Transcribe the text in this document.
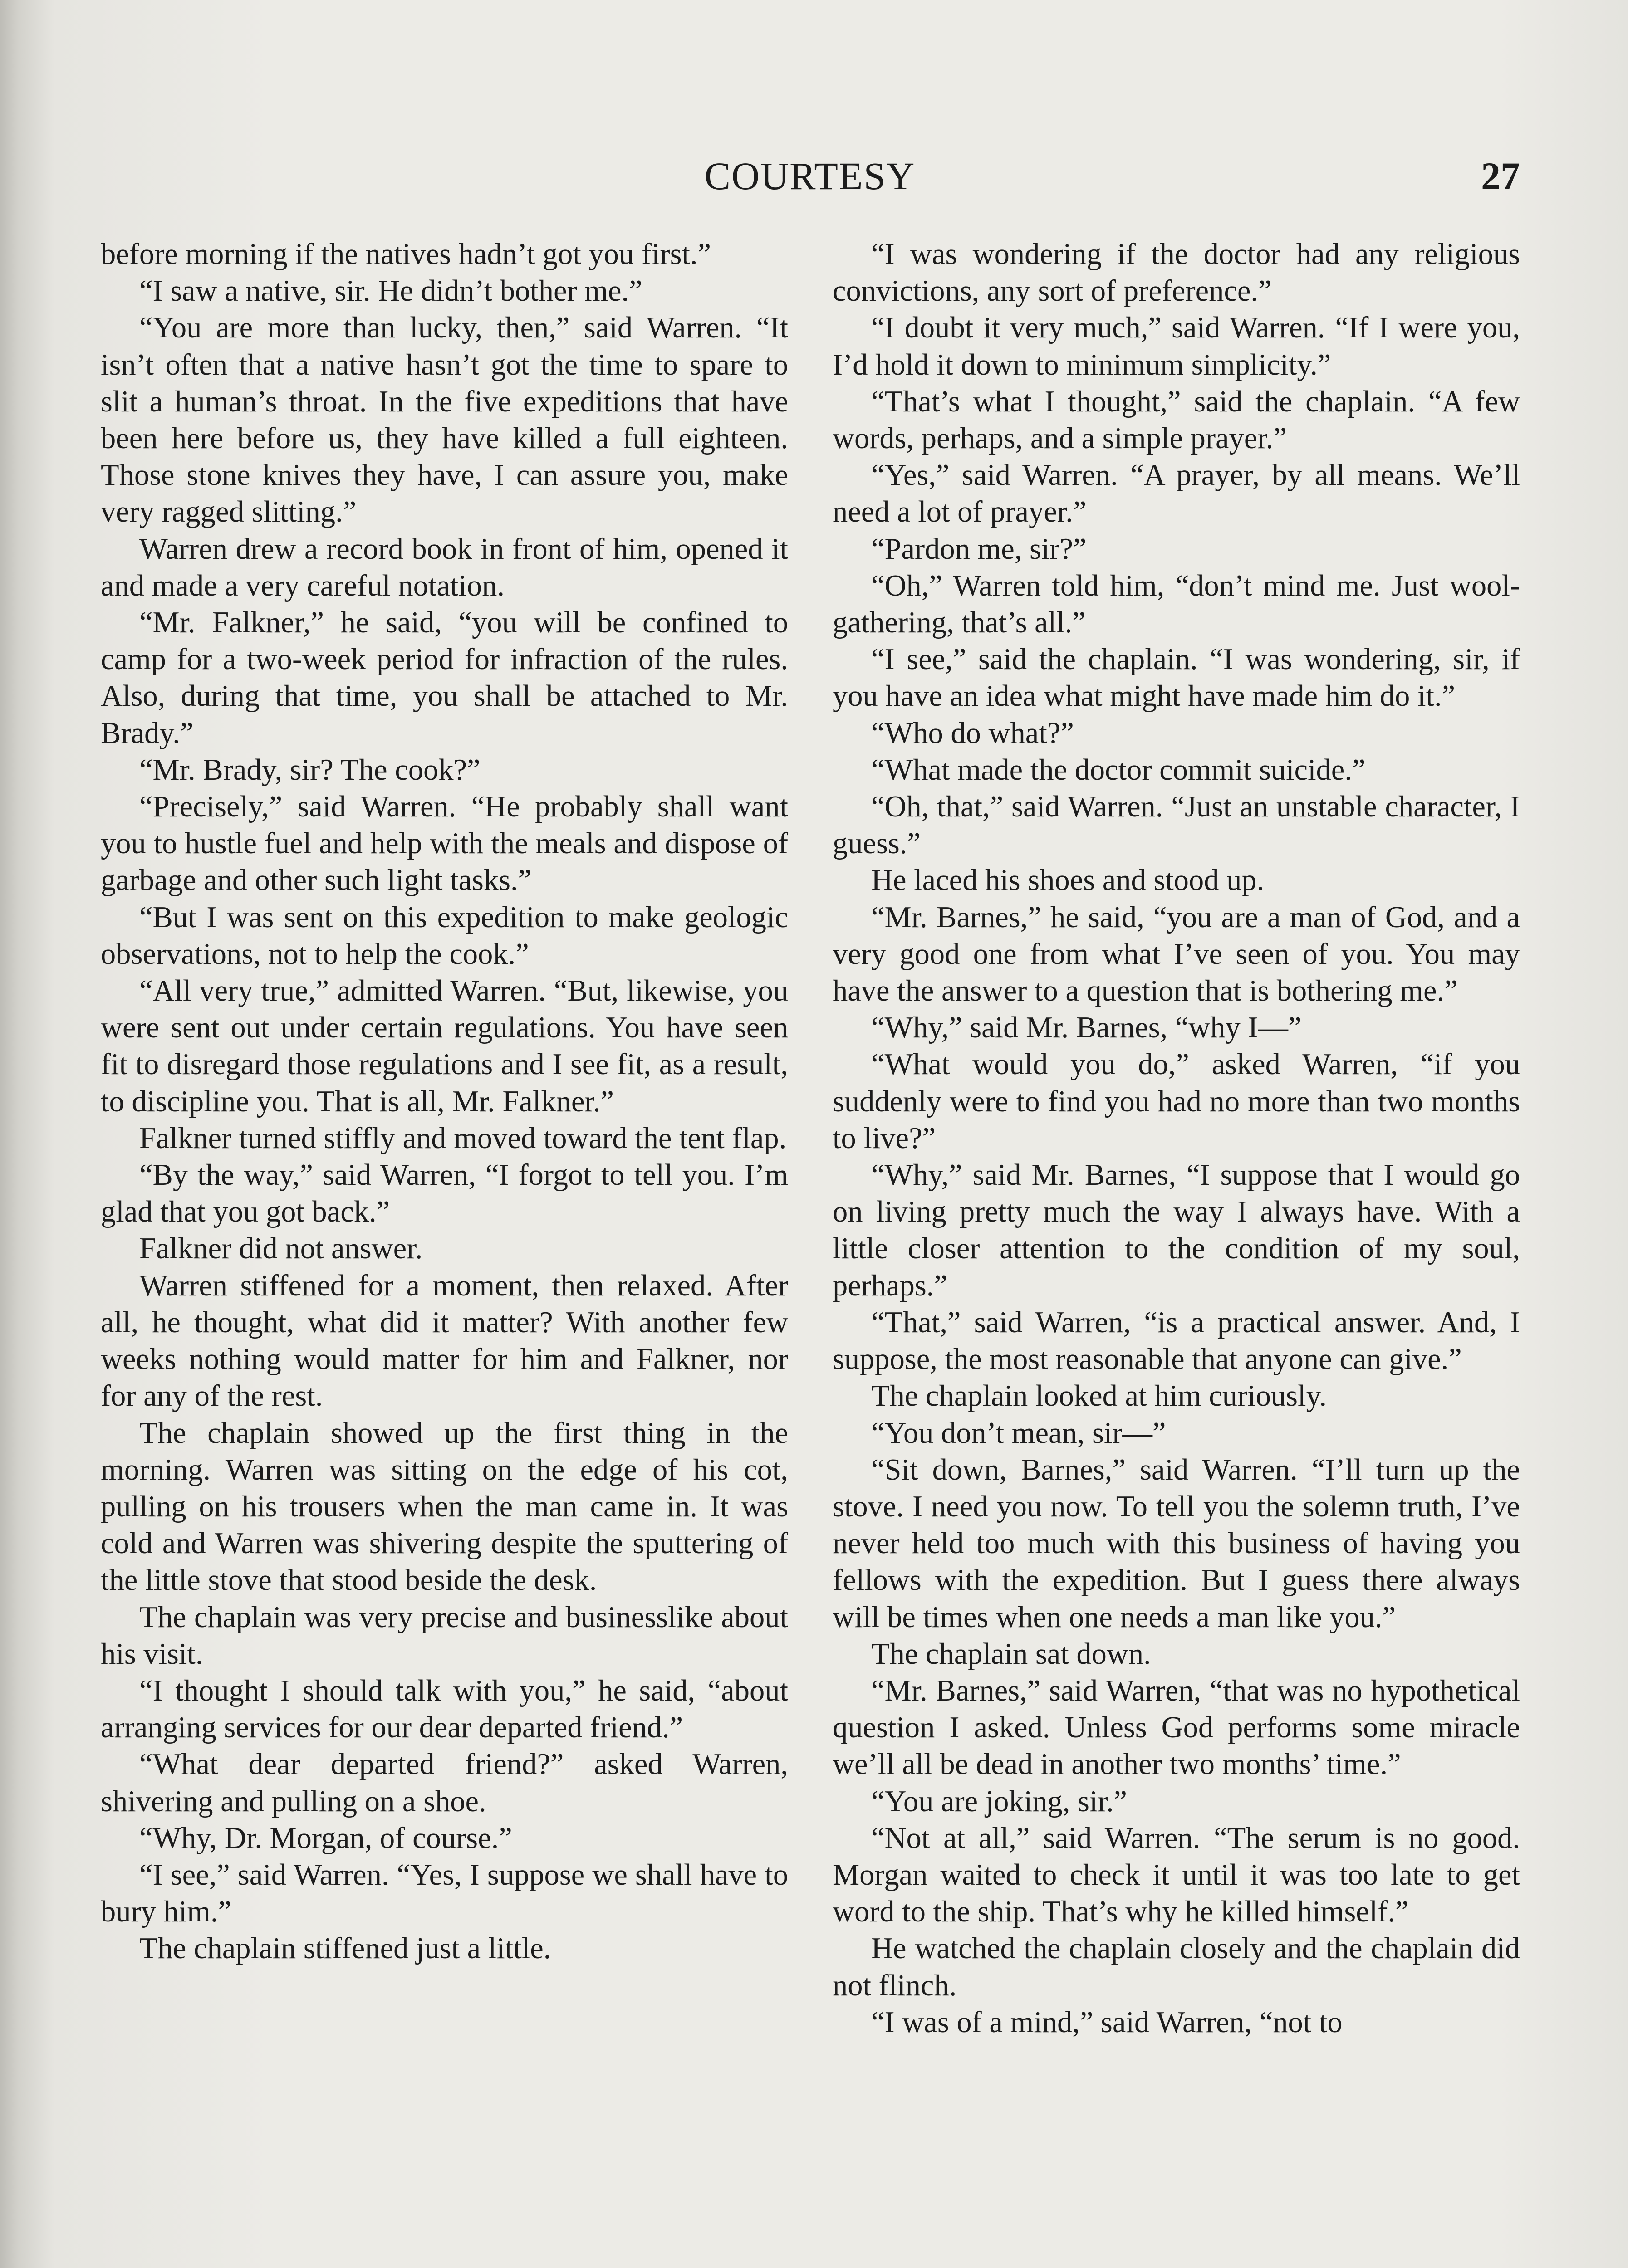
COURTESY	27

before morning if the natives hadn’t got you first.”

“I saw a native, sir. He didn’t bother me.”

“You are more than lucky, then,” said Warren. “It isn’t often that a native hasn’t got the time to spare to slit a human’s throat. In the five expeditions that have been here before us, they have killed a full eighteen. Those stone knives they have, I can assure you, make very ragged slitting.”

Warren drew a record book in front of him, opened it and made a very careful notation.

“Mr. Falkner,” he said, “you will be confined to camp for a two-week period for infraction of the rules. Also, during that time, you shall be attached to Mr. Brady.”

“Mr. Brady, sir? The cook?”

“Precisely,” said Warren. “He probably shall want you to hustle fuel and help with the meals and dispose of garbage and other such light tasks.”

“But I was sent on this expedition to make geologic observations, not to help the cook.”

“All very true,” admitted Warren. “But, likewise, you were sent out under certain regulations. You have seen fit to disregard those regulations and I see fit, as a result, to discipline you. That is all, Mr. Falkner.”

Falkner turned stiffly and moved toward the tent flap.

“By the way,” said Warren, “I forgot to tell you. I’m glad that you got back.”

Falkner did not answer.

Warren stiffened for a moment, then relaxed. After all, he thought, what did it matter? With another few weeks nothing would matter for him and Falkner, nor for any of the rest.

The chaplain showed up the first thing in the morning. Warren was sitting on the edge of his cot, pulling on his trousers when the man came in. It was cold and Warren was shivering despite the sputtering of the little stove that stood beside the desk.

The chaplain was very precise and businesslike about his visit.

“I thought I should talk with you,” he said, “about arranging services for our dear departed friend.”

“What dear departed friend?” asked Warren, shivering and pulling on a shoe.

“Why, Dr. Morgan, of course.”

“I see,” said Warren. “Yes, I suppose we shall have to bury him.”

The chaplain stiffened just a little.

“I was wondering if the doctor had any religious convictions, any sort of preference.”

“I doubt it very much,” said Warren. “If I were you, I’d hold it down to minimum simplicity.”

“That’s what I thought,” said the chaplain. “A few words, perhaps, and a simple prayer.”

“Yes,” said Warren. “A prayer, by all means. We’ll need a lot of prayer.”

“Pardon me, sir?”

“Oh,” Warren told him, “don’t mind me. Just wool-gathering, that’s all.”

“I see,” said the chaplain. “I was wondering, sir, if you have an idea what might have made him do it.”

“Who do what?”

“What made the doctor commit suicide.”

“Oh, that,” said Warren. “Just an unstable character, I guess.”

He laced his shoes and stood up.

“Mr. Barnes,” he said, “you are a man of God, and a very good one from what I’ve seen of you. You may have the answer to a question that is bothering me.”

“Why,” said Mr. Barnes, “why I—”

“What would you do,” asked Warren, “if you suddenly were to find you had no more than two months to live?”

“Why,” said Mr. Barnes, “I suppose that I would go on living pretty much the way I always have. With a little closer attention to the condition of my soul, perhaps.”

“That,” said Warren, “is a practical answer. And, I suppose, the most reasonable that anyone can give.”

The chaplain looked at him curiously.

“You don’t mean, sir—”

“Sit down, Barnes,” said Warren. “I’ll turn up the stove. I need you now. To tell you the solemn truth, I’ve never held too much with this business of having you fellows with the expedition. But I guess there always will be times when one needs a man like you.”

The chaplain sat down.

“Mr. Barnes,” said Warren, “that was no hypothetical question I asked. Unless God performs some miracle we’ll all be dead in another two months’ time.”

“You are joking, sir.”

“Not at all,” said Warren. “The serum is no good. Morgan waited to check it until it was too late to get word to the ship. That’s why he killed himself.”

He watched the chaplain closely and the chaplain did not flinch.

“I was of a mind,” said Warren, “not to
